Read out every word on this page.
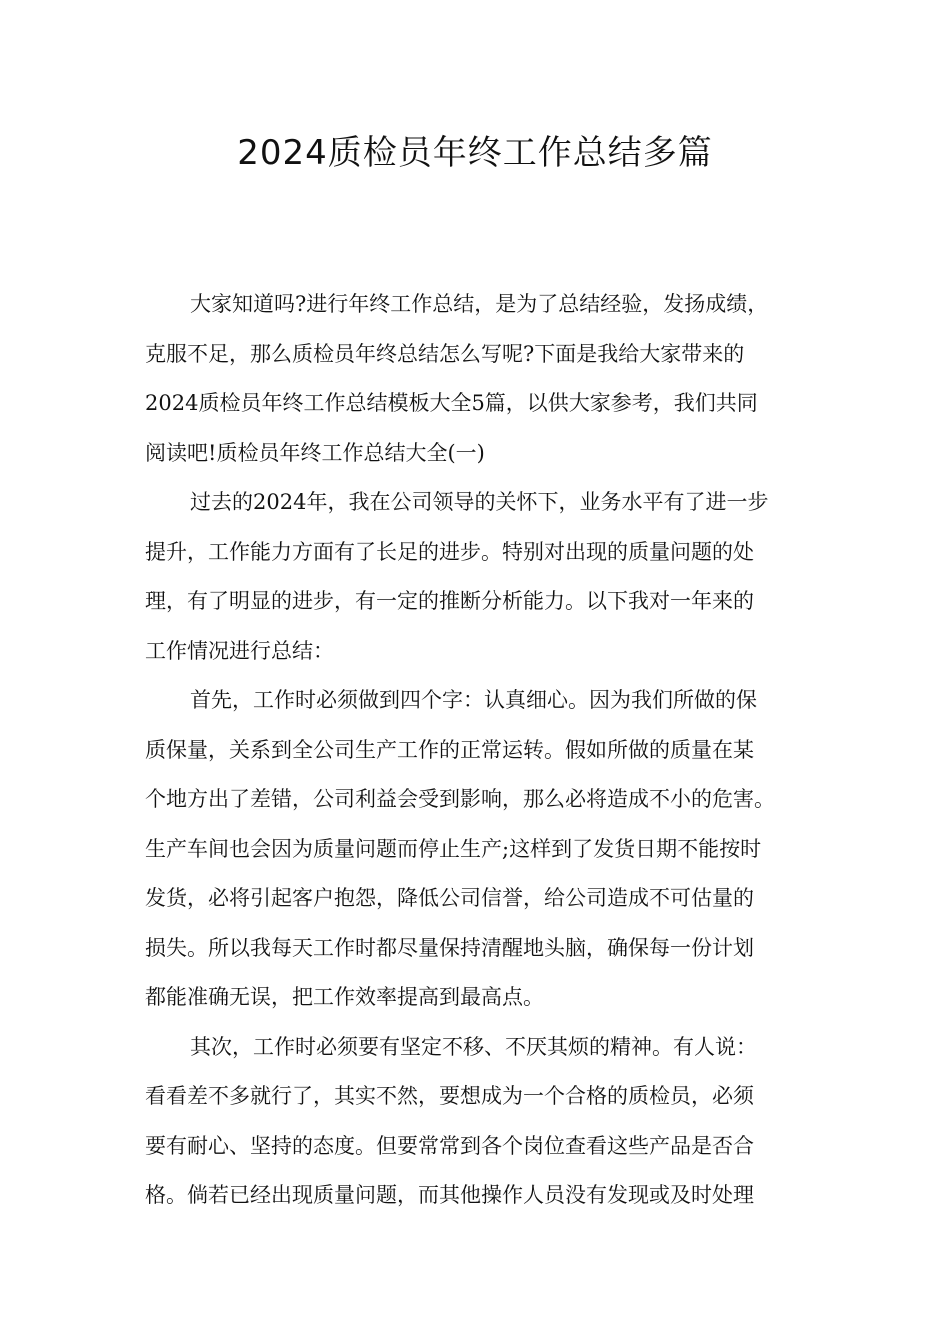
2024质检员年终工作总结多篇
大家知道吗?进行年终工作总结，是为了总结经验，发扬成绩，
克服不足，那么质检员年终总结怎么写呢?下面是我给大家带来的
2024质检员年终工作总结模板大全5篇，以供大家参考，我们共同
阅读吧!质检员年终工作总结大全(一)
过去的2024年，我在公司领导的关怀下，业务水平有了进一步
提升，工作能力方面有了长足的进步。特别对出现的质量问题的处
理，有了明显的进步，有一定的推断分析能力。以下我对一年来的
工作情况进行总结：
首先，工作时必须做到四个字：认真细心。因为我们所做的保
质保量，关系到全公司生产工作的正常运转。假如所做的质量在某
个地方出了差错，公司利益会受到影响，那么必将造成不小的危害。
生产车间也会因为质量问题而停止生产;这样到了发货日期不能按时
发货，必将引起客户抱怨，降低公司信誉，给公司造成不可估量的
损失。所以我每天工作时都尽量保持清醒地头脑，确保每一份计划
都能准确无误，把工作效率提高到最高点。
其次，工作时必须要有坚定不移、不厌其烦的精神。有人说：
看看差不多就行了，其实不然，要想成为一个合格的质检员，必须
要有耐心、坚持的态度。但要常常到各个岗位查看这些产品是否合
格。倘若已经出现质量问题，而其他操作人员没有发现或及时处理
